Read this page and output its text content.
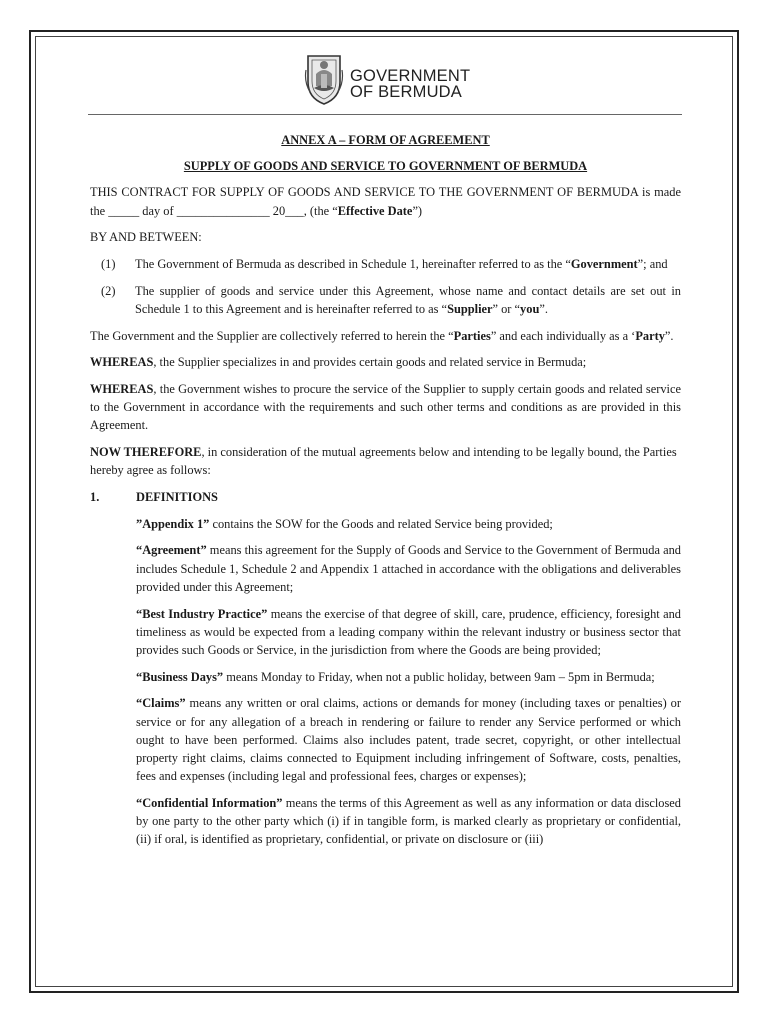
GOVERNMENT
OF BERMUDA
ANNEX A – FORM OF AGREEMENT
SUPPLY OF GOODS AND SERVICE TO GOVERNMENT OF BERMUDA

THIS CONTRACT FOR SUPPLY OF GOODS AND SERVICE TO THE GOVERNMENT OF BERMUDA is made the _____ day of _______________ 20___, (the “Effective Date”)

BY AND BETWEEN:

(1) The Government of Bermuda as described in Schedule 1, hereinafter referred to as the “Government”; and
(2) The supplier of goods and service under this Agreement, whose name and contact details are set out in Schedule 1 to this Agreement and is hereinafter referred to as “Supplier” or “you”.

The Government and the Supplier are collectively referred to herein the “Parties” and each individually as a ‘Party”.

WHEREAS, the Supplier specializes in and provides certain goods and related service in Bermuda;

WHEREAS, the Government wishes to procure the service of the Supplier to supply certain goods and related service to the Government in accordance with the requirements and such other terms and conditions as are provided in this Agreement.

NOW THEREFORE, in consideration of the mutual agreements below and intending to be legally bound, the Parties hereby agree as follows:

1.	DEFINITIONS

”Appendix 1” contains the SOW for the Goods and related Service being provided;

“Agreement” means this agreement for the Supply of Goods and Service to the Government of Bermuda and includes Schedule 1, Schedule 2 and Appendix 1 attached in accordance with the obligations and deliverables provided under this Agreement;

“Best Industry Practice” means the exercise of that degree of skill, care, prudence, efficiency, foresight and timeliness as would be expected from a leading company within the relevant industry or business sector that provides such Goods or Service, in the jurisdiction from where the Goods are being provided;

“Business Days” means Monday to Friday, when not a public holiday, between 9am – 5pm in Bermuda;

“Claims” means any written or oral claims, actions or demands for money (including taxes or penalties) or service or for any allegation of a breach in rendering or failure to render any Service performed or which ought to have been performed. Claims also includes patent, trade secret, copyright, or other intellectual property right claims, claims connected to Equipment including infringement of Software, costs, penalties, fees and expenses (including legal and professional fees, charges or expenses);

“Confidential Information” means the terms of this Agreement as well as any information or data disclosed by one party to the other party which (i) if in tangible form, is marked clearly as proprietary or confidential, (ii) if oral, is identified as proprietary, confidential, or private on disclosure or (iii)
